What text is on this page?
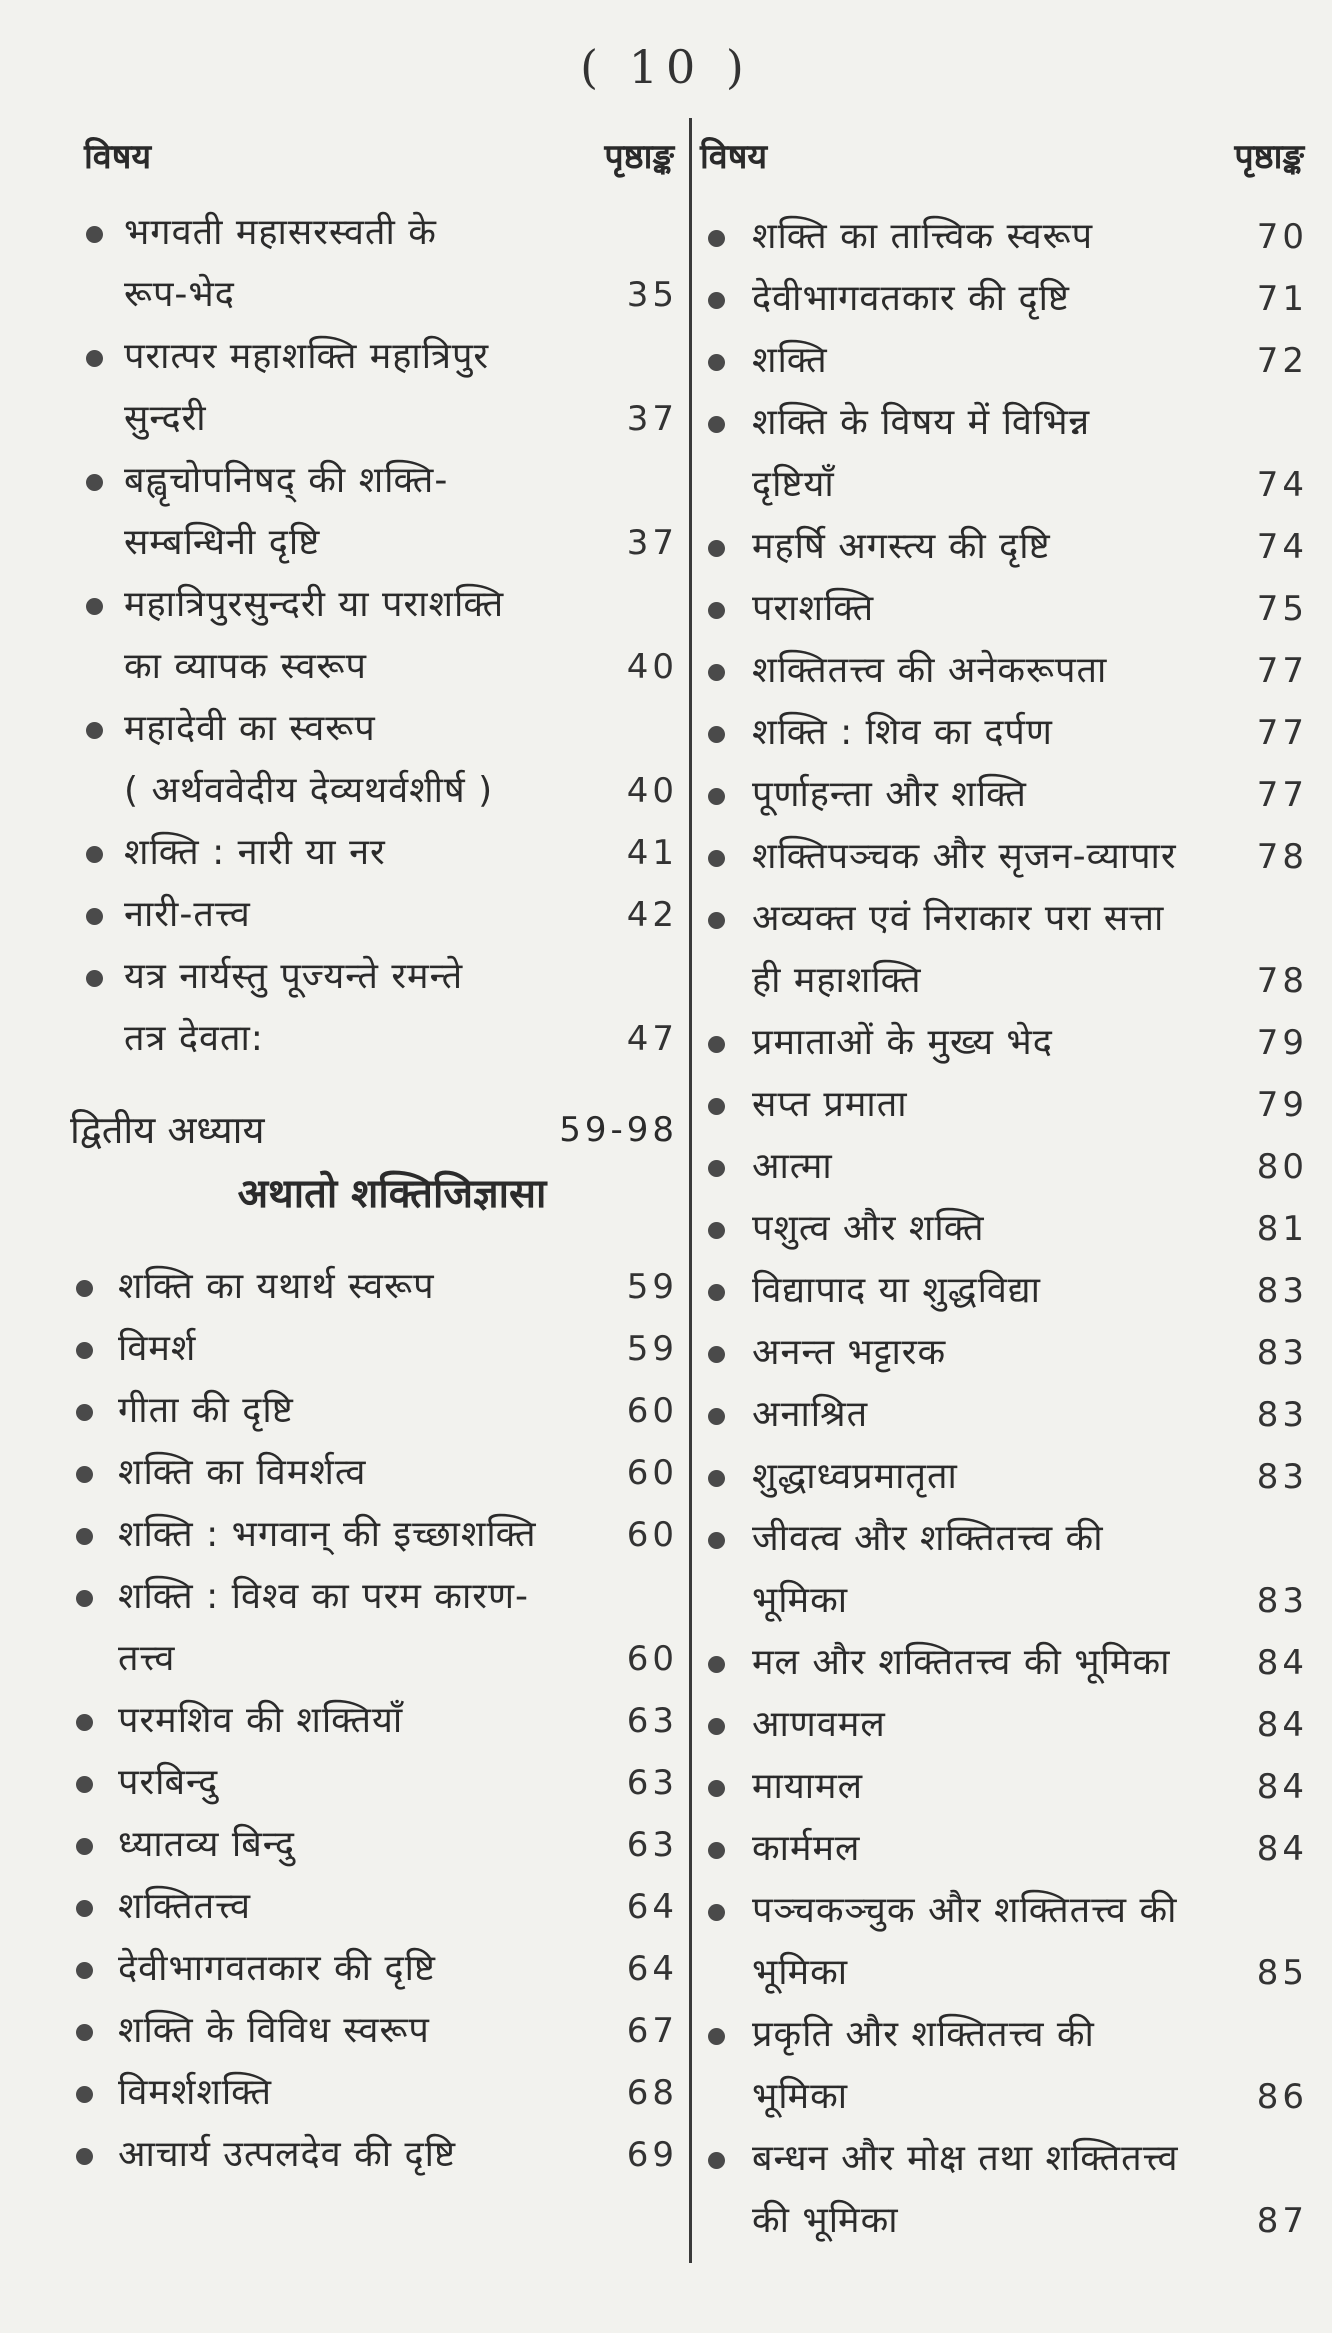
( 10 )
विषय	पृष्ठाङ्क
भगवती महासरस्वती के
रूप-भेद	35
परात्पर महाशक्ति महात्रिपुर
सुन्दरी	37
बह्वृचोपनिषद् की शक्ति-
सम्बन्धिनी दृष्टि	37
महात्रिपुरसुन्दरी या पराशक्ति
का व्यापक स्वरूप	40
महादेवी का स्वरूप
( अर्थववेदीय देव्यथर्वशीर्ष )	40
शक्ति : नारी या नर	41
नारी-तत्त्व	42
यत्र नार्यस्तु पूज्यन्ते रमन्ते
तत्र देवता:	47
द्वितीय अध्याय	59-98
अथातो शक्तिजिज्ञासा
शक्ति का यथार्थ स्वरूप	59
विमर्श	59
गीता की दृष्टि	60
शक्ति का विमर्शत्व	60
शक्ति : भगवान् की इच्छाशक्ति	60
शक्ति : विश्व का परम कारण-
तत्त्व	60
परमशिव की शक्तियाँ	63
परबिन्दु	63
ध्यातव्य बिन्दु	63
शक्तितत्त्व	64
देवीभागवतकार की दृष्टि	64
शक्ति के विविध स्वरूप	67
विमर्शशक्ति	68
आचार्य उत्पलदेव की दृष्टि	69
विषय	पृष्ठाङ्क
शक्ति का तात्त्विक स्वरूप	70
देवीभागवतकार की दृष्टि	71
शक्ति	72
शक्ति के विषय में विभिन्न
दृष्टियाँ	74
महर्षि अगस्त्य की दृष्टि	74
पराशक्ति	75
शक्तितत्त्व की अनेकरूपता	77
शक्ति : शिव का दर्पण	77
पूर्णाहन्ता और शक्ति	77
शक्तिपञ्चक और सृजन-व्यापार	78
अव्यक्त एवं निराकार परा सत्ता
ही महाशक्ति	78
प्रमाताओं के मुख्य भेद	79
सप्त प्रमाता	79
आत्मा	80
पशुत्व और शक्ति	81
विद्यापाद या शुद्धविद्या	83
अनन्त भट्टारक	83
अनाश्रित	83
शुद्धाध्वप्रमातृता	83
जीवत्व और शक्तितत्त्व की
भूमिका	83
मल और शक्तितत्त्व की भूमिका	84
आणवमल	84
मायामल	84
कार्ममल	84
पञ्चकञ्चुक और शक्तितत्त्व की
भूमिका	85
प्रकृति और शक्तितत्त्व की
भूमिका	86
बन्धन और मोक्ष तथा शक्तितत्त्व
की भूमिका	87
